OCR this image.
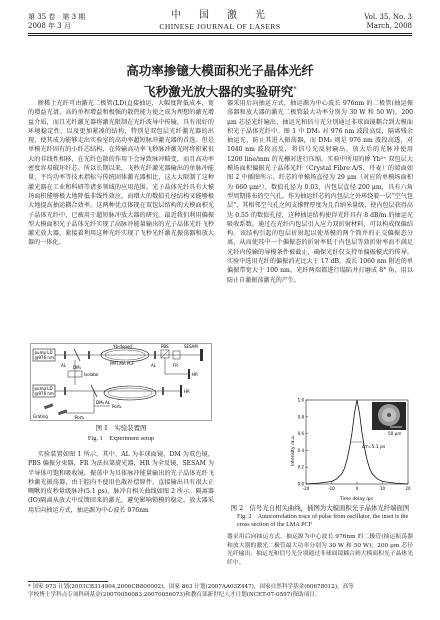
第 35 卷　第 3 期
2008 年 3 月
中　国　激　光
CHINESE JOURNAL OF LASERS
Vol. 35, No. 3
March, 2008
高功率掺镱大模面积光子晶体光纤
飞秒激光放大器的实验研究*

掺稀土光纤可由激光二极管(LD)直接抽运，大幅度降低成本，宽的增益光谱、高的单程增益和极强的散热能力使之成为理想的激光增益介质，而且光纤激光器将激光限制在光纤波导中传输，具有很好的环境稳定性，以及更加紧凑的结构，特别是双包层光纤激光器的出现，使其成为能够走出实验室的高功率超短脉冲激光器的首选。但是单模光纤固有的小纤芯结构，在传输高功率飞秒脉冲激光时将积累很大的非线性相移，在光纤色散的作用下会导致脉冲畸变，而且高功率密度容易破坏纤芯。所以长期以来，飞秒光纤激光器输出的单脉冲能量、平均功率等技术指标与传统固体激光器相比，这大大限制了这种激光器在工业和科研等诸多领域的应用范围。光子晶体光纤具有大模场面积能够极大地降低非线性效应，而增大的数值孔径结构又能够极大地提高抽运耦合效率，这两种优点体现在双包层结构的大模面积光子晶体光纤中，已被用于超短脉冲放大器的研究。最近我们利用偏振型大模面积光子晶体光纤实现了高脉冲能量输出的光子晶体光纤飞秒激光放大器，紧接着利用这种光纤实现了飞秒光纤激光振荡器和放大器的一体化。

器采用后向抽运方式，抽运源为中心波长 976nm 的二极管(抽运振荡器和放大器的激光二极管最大功率分别为 30 W 和 50 W)，200 μm 芯径光纤输出，抽运光和信号光分别通过非球面镜耦合到大模面积光子晶体光纤中。图 1 中 DM₁ 对 976 nm 波段高反，隔离残余抽运光，防止其进入振荡器，而 DM₂ 则是 976 nm 波段高透，对 1040 nm 波段高反，将信号光反射输出。放大后的光脉冲使用 1200 line/mm 的光栅对进行压缩。实验中所用的掺 Yb³⁺ 双包层大模场面积偏振光子晶体光纤（Crystal Fibre A/S，丹麦）的端面如图 2 中插图所示。纤芯的单模场直径为 29 μm（对应的单模场面积为 660 μm²），数值孔径为 0.03，内包层直径 200 μm，具有六角型周期排布的空气孔。作为抽运纤芯的内包层之外环绕着一层“空气包层”，其相邻空气孔之间支撑臂厚度为几百纳米量级，使内包层获得高达 0.55 的数值孔径，这种抽运结构使得光纤具有 8 dB/m 的抽运光吸收系数。通过在光纤内包层引入应力双折射材料，可以构成保偏结构。该结构引起的包层折射起以使基模的两个简并的正交偏振态分离，从而使其中一个偏振态的折射率低于内包层等效折射率而不满足光纤内传输的导模条件被截止，确保光纤仅支持单偏振模式的传导。实验中选用光纤的偏振消光比大于 17 dB，波长 1060 nm 附近的单偏振带宽大于 100 nm。光纤两端都进行塌陷并打磨成 8° 角，用以防止自激振荡激光的产生。

pump LD
@976 nm
Yb-doped
PM LMA PCF
AL DM₁	AL
PBS
FR
SESAM
Isolator	HR
pump LD
@976 nm
DM₂ AL
HR
Grating	Port₁
Port₂
图 1　实验装置图
Fig. 1　Experiment setup

实验装置如图 1 所示，其中，AL 为非球面镜，DM 为双色镜，PBS 偏振分束器，FR 为法拉第旋光器，HR 为全反镜，SESAM 为半导体可饱和吸收镜。振荡中为具体脉冲能量输出的光子晶体光纤飞秒激光振荡器，由于腔内不使用色散补偿原件，直接输出具有很大正啁啾的皮秒量级脉冲(5.1 ps)，脉冲自相关曲线如图 2 所示。隔离器(IO)隔离从放大中反馈回来的激光，避免影响锁模的稳定。放大器采用后向抽运方式，抽运源为中心波长 976nm

0.0
0.2
0.4
0.6
0.8
1.0
-20	-10	0	10	20
50 μm
Δτ=5.1 ps
Intensity /a.u.
Time delay /ps
图 2　信号光自相关曲线，插图为大模面积光子晶体光纤端面图
Fig. 2　Autocorrelation trace of pulse from oscillator, the inset is the cross section of the LMA PCF

器采用后向抽运方式，抽运源为中心波长 976nm 的二极管(抽运振荡器和放大器的激光二极管最大功率分别为 30 W 和 50 W)，200 μm 芯径光纤输出，抽运光和信号光分别通过非球面镜耦合到大模面积光子晶体光纤中。

* 国家 973 计划(2003CB314904,2006CB806002)，国家 863 计划(2007AA03Z447)，国家自然科学基金(60678012)，高等

学校博士学科点专项科研基金(20070056083,20070056073)和教育部新世纪人才计划(NCET-07-0597)资助项目。
